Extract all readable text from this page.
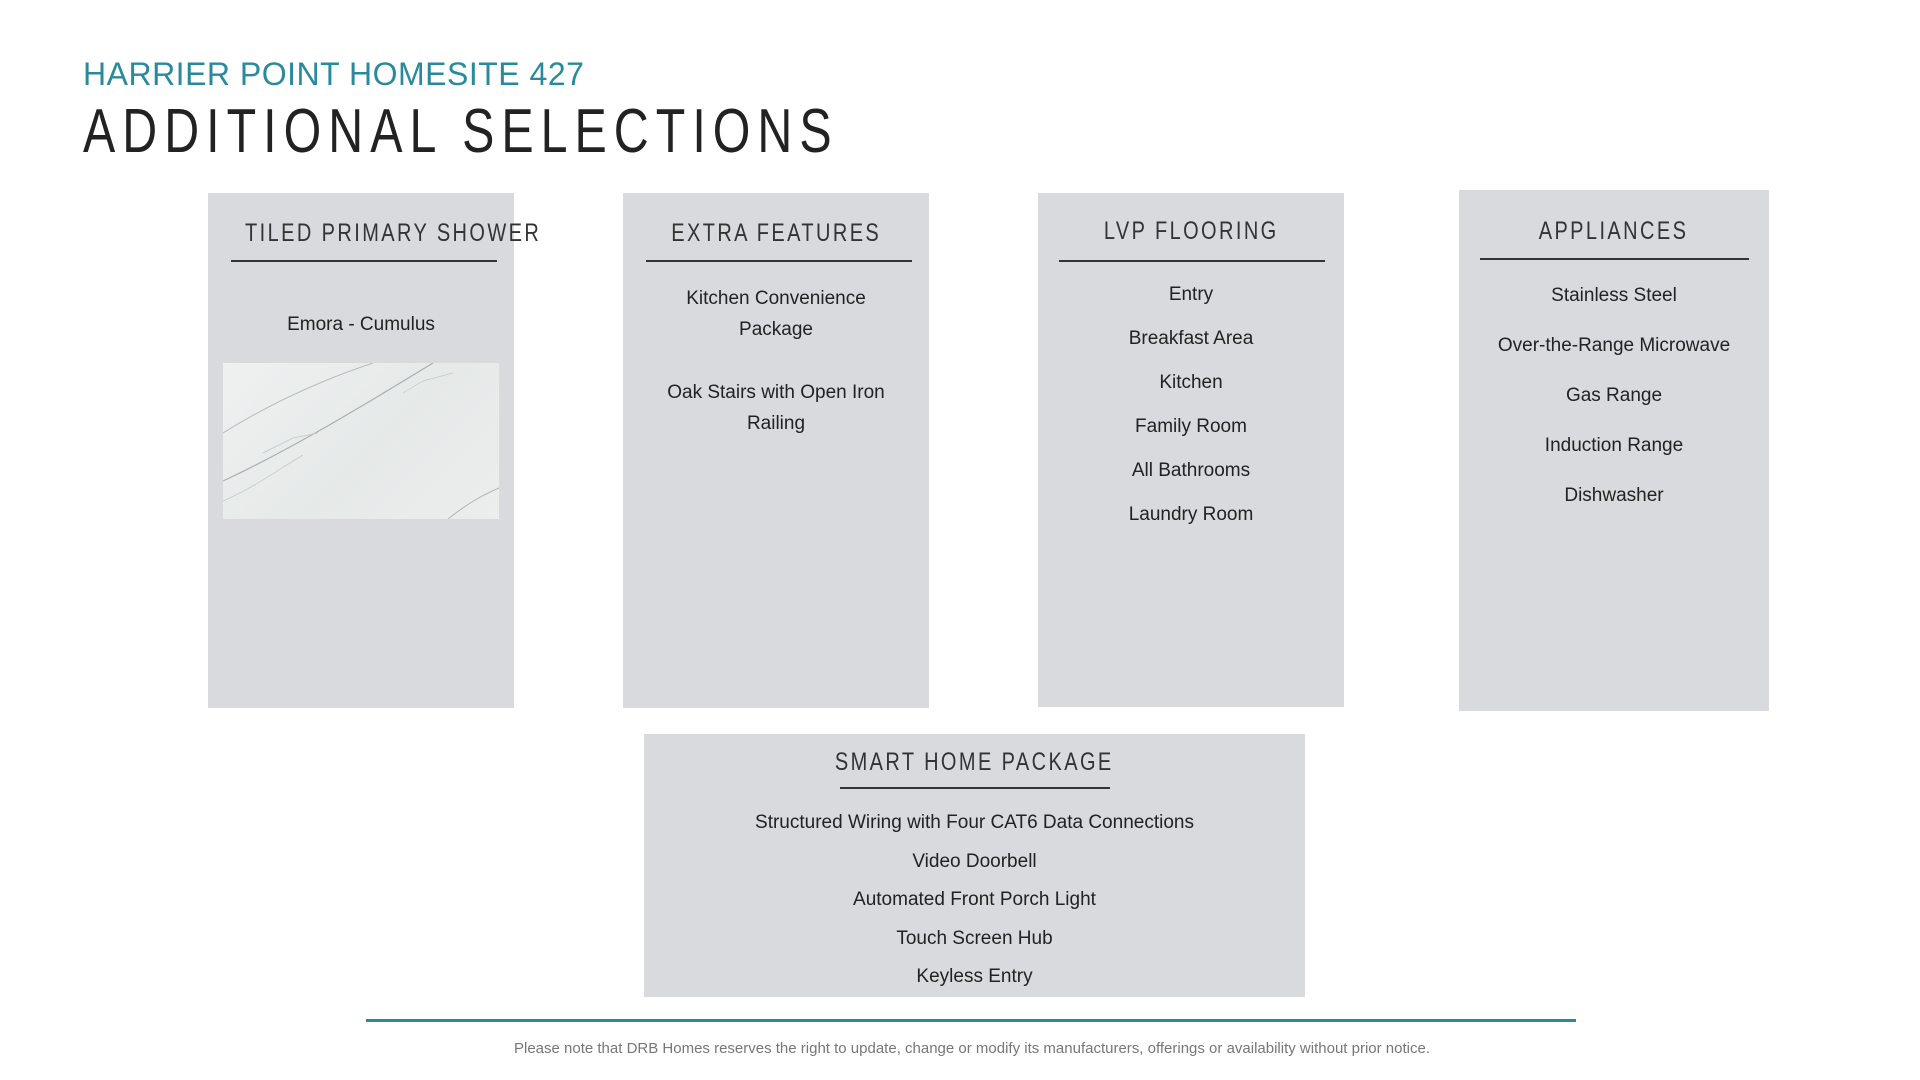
HARRIER POINT HOMESITE 427
ADDITIONAL SELECTIONS
TILED PRIMARY SHOWER

Emora - Cumulus

EXTRA FEATURES

Kitchen Convenience Package

Oak Stairs with Open Iron Railing

LVP FLOORING

Entry

Breakfast Area

Kitchen

Family Room

All Bathrooms

Laundry Room

APPLIANCES

Stainless Steel

Over-the-Range Microwave

Gas Range

Induction Range

Dishwasher

SMART HOME PACKAGE

Structured Wiring with Four CAT6 Data Connections

Video Doorbell

Automated Front Porch Light

Touch Screen Hub

Keyless Entry

Please note that DRB Homes reserves the right to update, change or modify its manufacturers, offerings or availability without prior notice.
